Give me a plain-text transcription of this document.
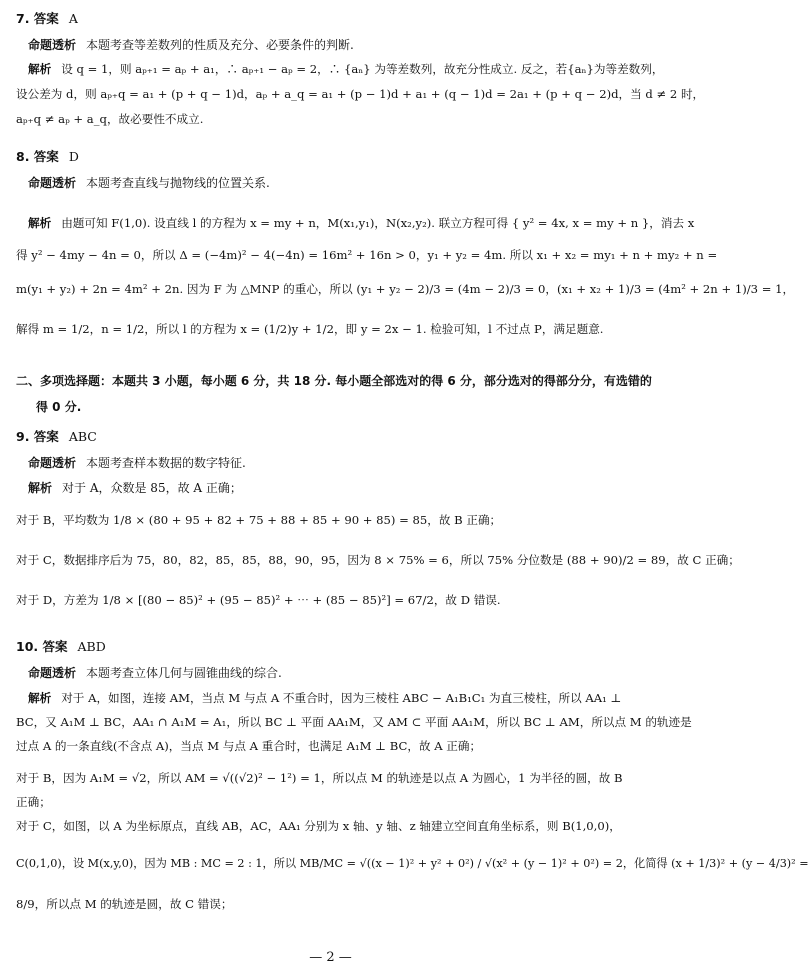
7. 答案 A
命题透析 本题考查等差数列的性质及充分、必要条件的判断.
解析 设 q = 1，则 aₚ₊₁ = aₚ + a₁，∴ aₚ₊₁ − aₚ = 2，∴ {aₙ} 为等差数列，故充分性成立. 反之，若{aₙ}为等差数列，
设公差为 d，则 aₚ₊q = a₁ + (p + q − 1)d，aₚ + a_q = a₁ + (p − 1)d + a₁ + (q − 1)d = 2a₁ + (p + q − 2)d，当 d ≠ 2 时，
aₚ₊q ≠ aₚ + a_q，故必要性不成立.
8. 答案 D
命题透析 本题考查直线与抛物线的位置关系.
解析 由题可知 F(1,0). 设直线 l 的方程为 x = my + n，M(x₁,y₁)，N(x₂,y₂). 联立方程可得 { y² = 4x, x = my + n }，消去 x
得 y² − 4my − 4n = 0，所以 Δ = (−4m)² − 4(−4n) = 16m² + 16n > 0，y₁ + y₂ = 4m. 所以 x₁ + x₂ = my₁ + n + my₂ + n =
m(y₁ + y₂) + 2n = 4m² + 2n. 因为 F 为 △MNP 的重心，所以 (y₁ + y₂ − 2)/3 = (4m − 2)/3 = 0，(x₁ + x₂ + 1)/3 = (4m² + 2n + 1)/3 = 1，
解得 m = 1/2，n = 1/2，所以 l 的方程为 x = (1/2)y + 1/2，即 y = 2x − 1. 检验可知，l 不过点 P，满足题意.
二、多项选择题：本题共 3 小题，每小题 6 分，共 18 分. 每小题全部选对的得 6 分，部分选对的得部分分，有选错的
得 0 分.
9. 答案 ABC
命题透析 本题考查样本数据的数字特征.
解析 对于 A，众数是 85，故 A 正确；
对于 B，平均数为 1/8 × (80 + 95 + 82 + 75 + 88 + 85 + 90 + 85) = 85，故 B 正确；
对于 C，数据排序后为 75，80，82，85，85，88，90，95，因为 8 × 75% = 6，所以 75% 分位数是 (88 + 90)/2 = 89，故 C 正确；
对于 D，方差为 1/8 × [(80 − 85)² + (95 − 85)² + ⋯ + (85 − 85)²] = 67/2，故 D 错误.
10. 答案 ABD
命题透析 本题考查立体几何与圆锥曲线的综合.
解析 对于 A，如图，连接 AM，当点 M 与点 A 不重合时，因为三棱柱 ABC − A₁B₁C₁ 为直三棱柱，所以 AA₁ ⊥
BC，又 A₁M ⊥ BC，AA₁ ∩ A₁M = A₁，所以 BC ⊥ 平面 AA₁M，又 AM ⊂ 平面 AA₁M，所以 BC ⊥ AM，所以点 M 的轨迹是
过点 A 的一条直线(不含点 A)，当点 M 与点 A 重合时，也满足 A₁M ⊥ BC，故 A 正确；
对于 B，因为 A₁M = √2，所以 AM = √((√2)² − 1²) = 1，所以点 M 的轨迹是以点 A 为圆心，1 为半径的圆，故 B
正确；
对于 C，如图，以 A 为坐标原点，直线 AB，AC，AA₁ 分别为 x 轴、y 轴、z 轴建立空间直角坐标系，则 B(1,0,0)，
C(0,1,0)，设 M(x,y,0)，因为 MB : MC = 2 : 1，所以 MB/MC = √((x − 1)² + y² + 0²) / √(x² + (y − 1)² + 0²) = 2，化简得 (x + 1/3)² + (y − 4/3)² =
8/9，所以点 M 的轨迹是圆，故 C 错误；
— 2 —
